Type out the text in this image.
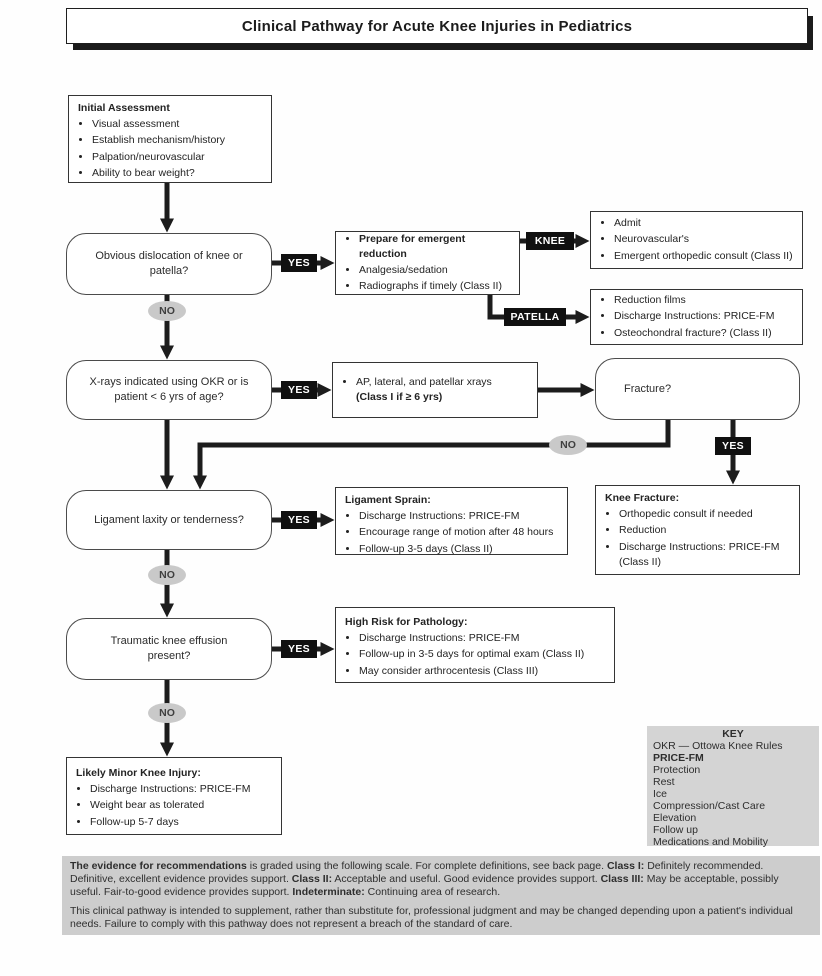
Clinical Pathway for Acute Knee Injuries in Pediatrics
Initial Assessment
• Visual assessment
• Establish mechanism/history
• Palpation/neurovascular
• Ability to bear weight?
Obvious dislocation of knee or patella?
YES
NO
• Prepare for emergent reduction
• Analgesia/sedation
• Radiographs if timely (Class II)
KNEE
PATELLA
• Admit
• Neurovascular's
• Emergent orthopedic consult (Class II)
• Reduction films
• Discharge Instructions: PRICE-FM
• Osteochondral fracture? (Class II)
X-rays indicated using OKR or is patient < 6 yrs of age?
YES
• AP, lateral, and patellar xrays
(Class I if ≥ 6 yrs)
Fracture?
NO	YES
Ligament laxity or tenderness?	YES
NO
Ligament Sprain:
• Discharge Instructions: PRICE-FM
• Encourage range of motion after 48 hours
• Follow-up 3-5 days (Class II)
Knee Fracture:
• Orthopedic consult if needed
• Reduction
• Discharge Instructions: PRICE-FM (Class II)
Traumatic knee effusion present?
YES
NO
High Risk for Pathology:
• Discharge Instructions: PRICE-FM
• Follow-up in 3-5 days for optimal exam (Class II)
• May consider arthrocentesis (Class III)
Likely Minor Knee Injury:
• Discharge Instructions: PRICE-FM
• Weight bear as tolerated
• Follow-up 5-7 days
KEY
OKR — Ottowa Knee Rules
PRICE-FM
Protection
Rest
Ice
Compression/Cast Care
Elevation
Follow up
Medications and Mobility
The evidence for recommendations is graded using the following scale. For complete definitions, see back page. Class I: Definitely recommended. Definitive, excellent evidence provides support. Class II: Acceptable and useful. Good evidence provides support. Class III: May be acceptable, possibly useful. Fair-to-good evidence provides support. Indeterminate: Continuing area of research.
This clinical pathway is intended to supplement, rather than substitute for, professional judgment and may be changed depending upon a patient's individual needs. Failure to comply with this pathway does not represent a breach of the standard of care.
